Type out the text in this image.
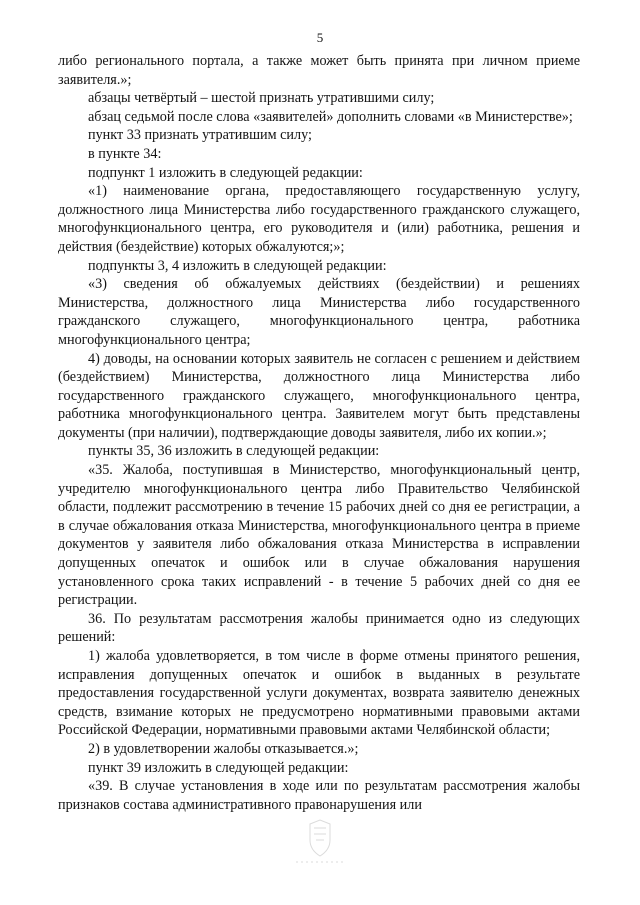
5

либо регионального портала, а также может быть принята при личном приеме заявителя.»;

абзацы четвёртый – шестой признать утратившими силу;

абзац седьмой после слова «заявителей» дополнить словами «в Министерстве»;

пункт 33 признать утратившим силу;

в пункте 34:

подпункт 1 изложить в следующей редакции:

«1) наименование органа, предоставляющего государственную услугу, должностного лица Министерства либо государственного гражданского служащего, многофункционального центра, его руководителя и (или) работника, решения и действия (бездействие) которых обжалуются;»;

подпункты 3, 4 изложить в следующей редакции:

«3) сведения об обжалуемых действиях (бездействии) и решениях Министерства, должностного лица Министерства либо государственного гражданского служащего, многофункционального центра, работника многофункционального центра;

4) доводы, на основании которых заявитель не согласен с решением и действием (бездействием) Министерства, должностного лица Министерства либо государственного гражданского служащего, многофункционального центра, работника многофункционального центра. Заявителем могут быть представлены документы (при наличии), подтверждающие доводы заявителя, либо их копии.»;

пункты 35, 36 изложить в следующей редакции:

«35. Жалоба, поступившая в Министерство, многофункциональный центр, учредителю многофункционального центра либо Правительство Челябинской области, подлежит рассмотрению в течение 15 рабочих дней со дня ее регистрации, а в случае обжалования отказа Министерства, многофункционального центра в приеме документов у заявителя либо обжалования отказа Министерства в исправлении допущенных опечаток и ошибок или в случае обжалования нарушения установленного срока таких исправлений - в течение 5 рабочих дней со дня ее регистрации.

36. По результатам рассмотрения жалобы принимается одно из следующих решений:

1) жалоба удовлетворяется, в том числе в форме отмены принятого решения, исправления допущенных опечаток и ошибок в выданных в результате предоставления государственной услуги документах, возврата заявителю денежных средств, взимание которых не предусмотрено нормативными правовыми актами Российской Федерации, нормативными правовыми актами Челябинской области;

2) в удовлетворении жалобы отказывается.»;

пункт 39 изложить в следующей редакции:

«39. В случае установления в ходе или по результатам рассмотрения жалобы признаков состава административного правонарушения или
